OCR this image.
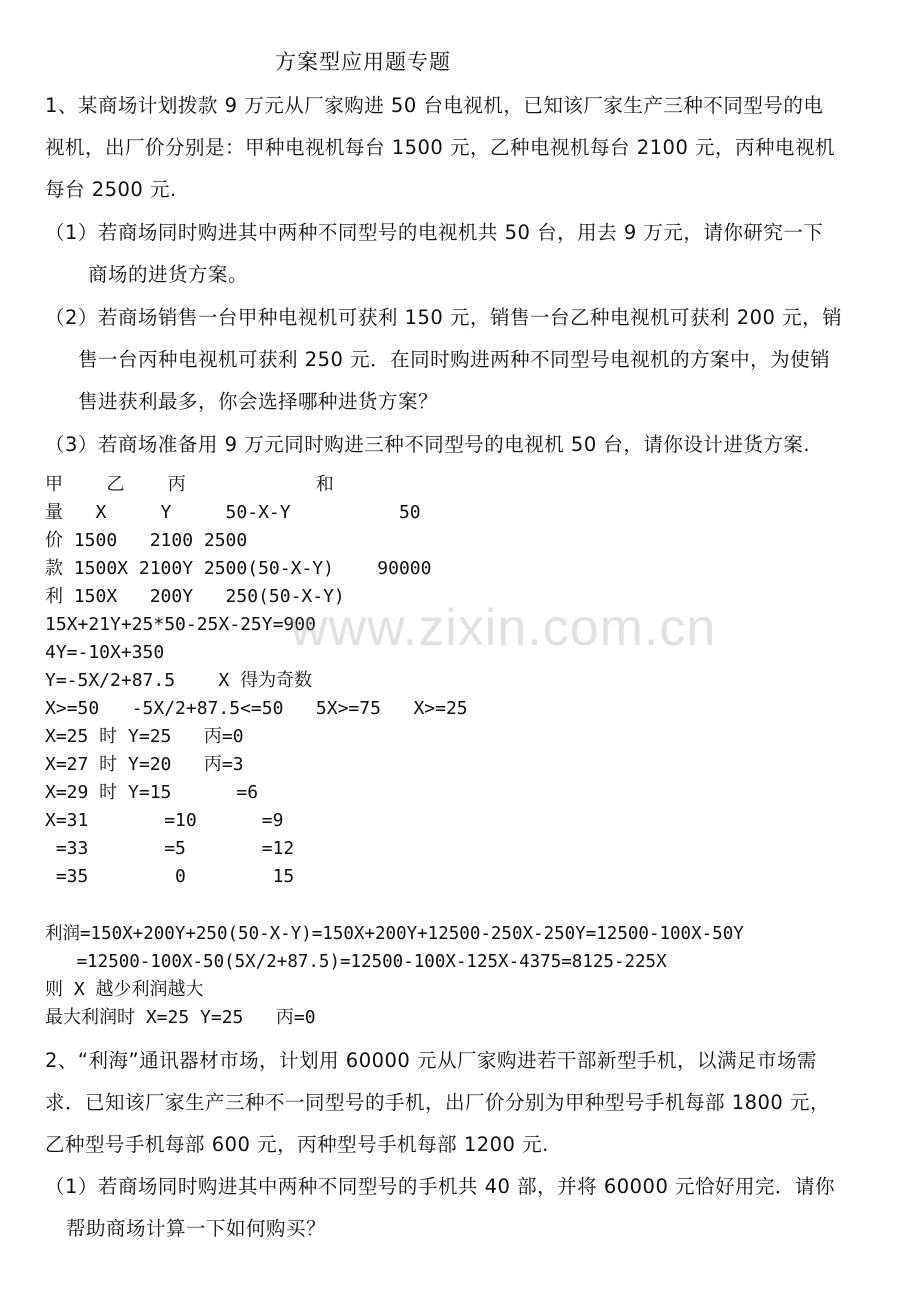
方案型应用题专题
1、某商场计划拨款 9 万元从厂家购进 50 台电视机，已知该厂家生产三种不同型号的电
视机，出厂价分别是：甲种电视机每台 1500 元，乙种电视机每台 2100 元，丙种电视机
每台 2500 元.
（1）若商场同时购进其中两种不同型号的电视机共 50 台，用去 9 万元，请你研究一下
商场的进货方案。
（2）若商场销售一台甲种电视机可获利 150 元，销售一台乙种电视机可获利 200 元，销
售一台丙种电视机可获利 250 元．在同时购进两种不同型号电视机的方案中，为使销
售进获利最多，你会选择哪种进货方案？
（3）若商场准备用 9 万元同时购进三种不同型号的电视机 50 台，请你设计进货方案.
甲    乙    丙            和
量   X     Y     50-X-Y          50
价 1500   2100 2500
款 1500X 2100Y 2500(50-X-Y)    90000
利 150X   200Y   250(50-X-Y)
15X+21Y+25*50-25X-25Y=900
4Y=-10X+350
Y=-5X/2+87.5    X 得为奇数
X>=50   -5X/2+87.5<=50   5X>=75   X>=25
X=25 时 Y=25   丙=0
X=27 时 Y=20   丙=3
X=29 时 Y=15      =6
X=31       =10      =9
=33       =5       =12
=35        0        15
利润=150X+200Y+250(50-X-Y)=150X+200Y+12500-250X-250Y=12500-100X-50Y
=12500-100X-50(5X/2+87.5)=12500-100X-125X-4375=8125-225X
则 X 越少利润越大
最大利润时 X=25 Y=25   丙=0
2、“利海”通讯器材市场，计划用 60000 元从厂家购进若干部新型手机，以满足市场需
求．已知该厂家生产三种不一同型号的手机，出厂价分别为甲种型号手机每部 1800 元，
乙种型号手机每部 600 元，丙种型号手机每部 1200 元.
（1）若商场同时购进其中两种不同型号的手机共 40 部，并将 60000 元恰好用完．请你
帮助商场计算一下如何购买？
www.zixin.com.cn
